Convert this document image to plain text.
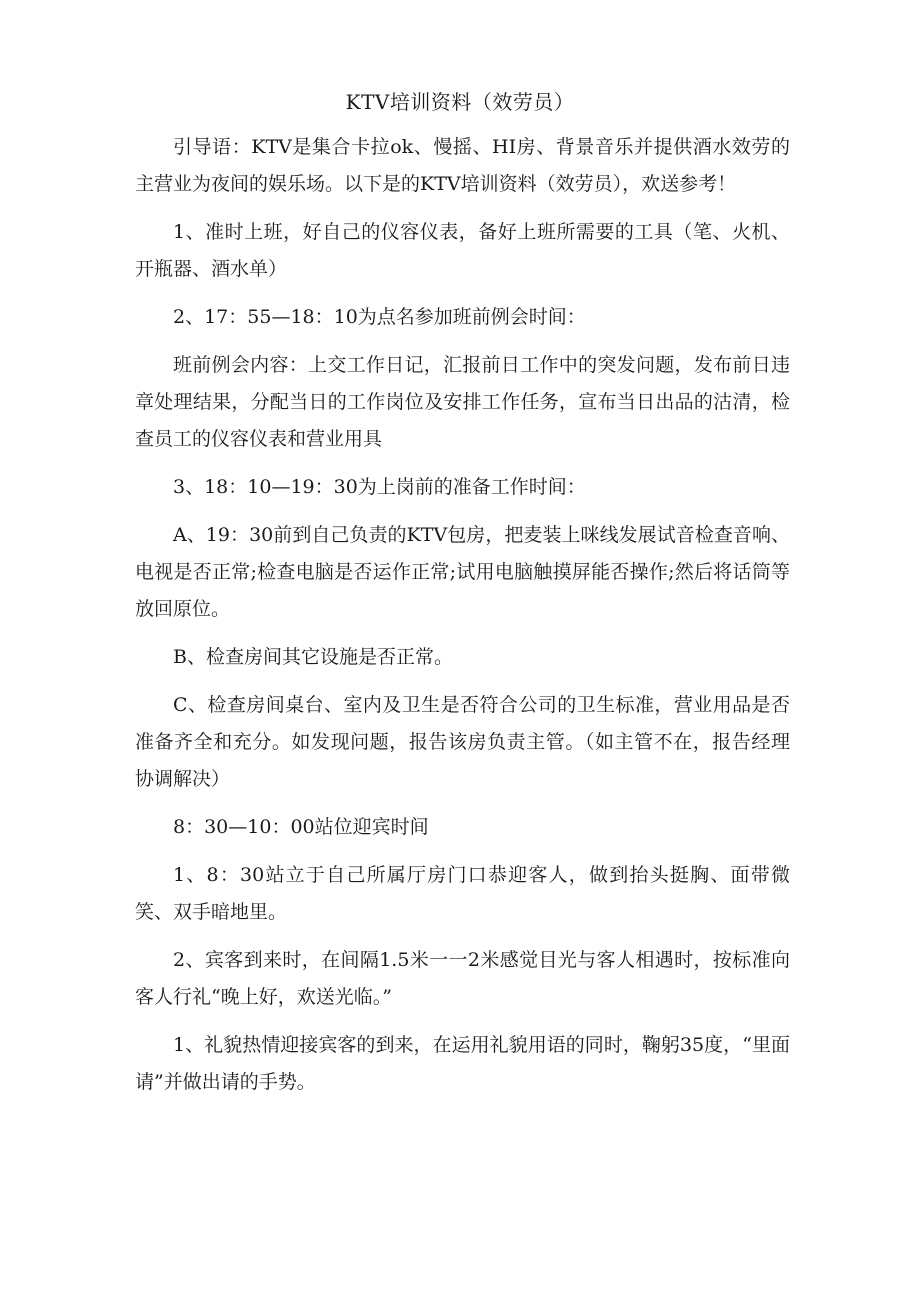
KTV培训资料（效劳员）

引导语：KTV是集合卡拉ok、慢摇、HI房、背景音乐并提供酒水效劳的主营业为夜间的娱乐场。以下是的KTV培训资料（效劳员），欢送参考！

1、准时上班，好自己的仪容仪表，备好上班所需要的工具（笔、火机、开瓶器、酒水单）

2、17：55—18：10为点名参加班前例会时间：

班前例会内容：上交工作日记，汇报前日工作中的突发问题，发布前日违章处理结果，分配当日的工作岗位及安排工作任务，宣布当日出品的沽清，检查员工的仪容仪表和营业用具

3、18：10—19：30为上岗前的准备工作时间：

A、19：30前到自己负责的KTV包房，把麦装上咪线发展试音检查音响、电视是否正常;检查电脑是否运作正常;试用电脑触摸屏能否操作;然后将话筒等放回原位。

B、检查房间其它设施是否正常。

C、检查房间桌台、室内及卫生是否符合公司的卫生标准，营业用品是否准备齐全和充分。如发现问题，报告该房负责主管。（如主管不在，报告经理协调解决）

8：30—10：00站位迎宾时间

1、8：30站立于自己所属厅房门口恭迎客人，做到抬头挺胸、面带微笑、双手暗地里。

2、宾客到来时，在间隔1.5米一一2米感觉目光与客人相遇时，按标准向客人行礼“晚上好，欢送光临。”

1、礼貌热情迎接宾客的到来，在运用礼貌用语的同时，鞠躬35度，“里面请”并做出请的手势。
